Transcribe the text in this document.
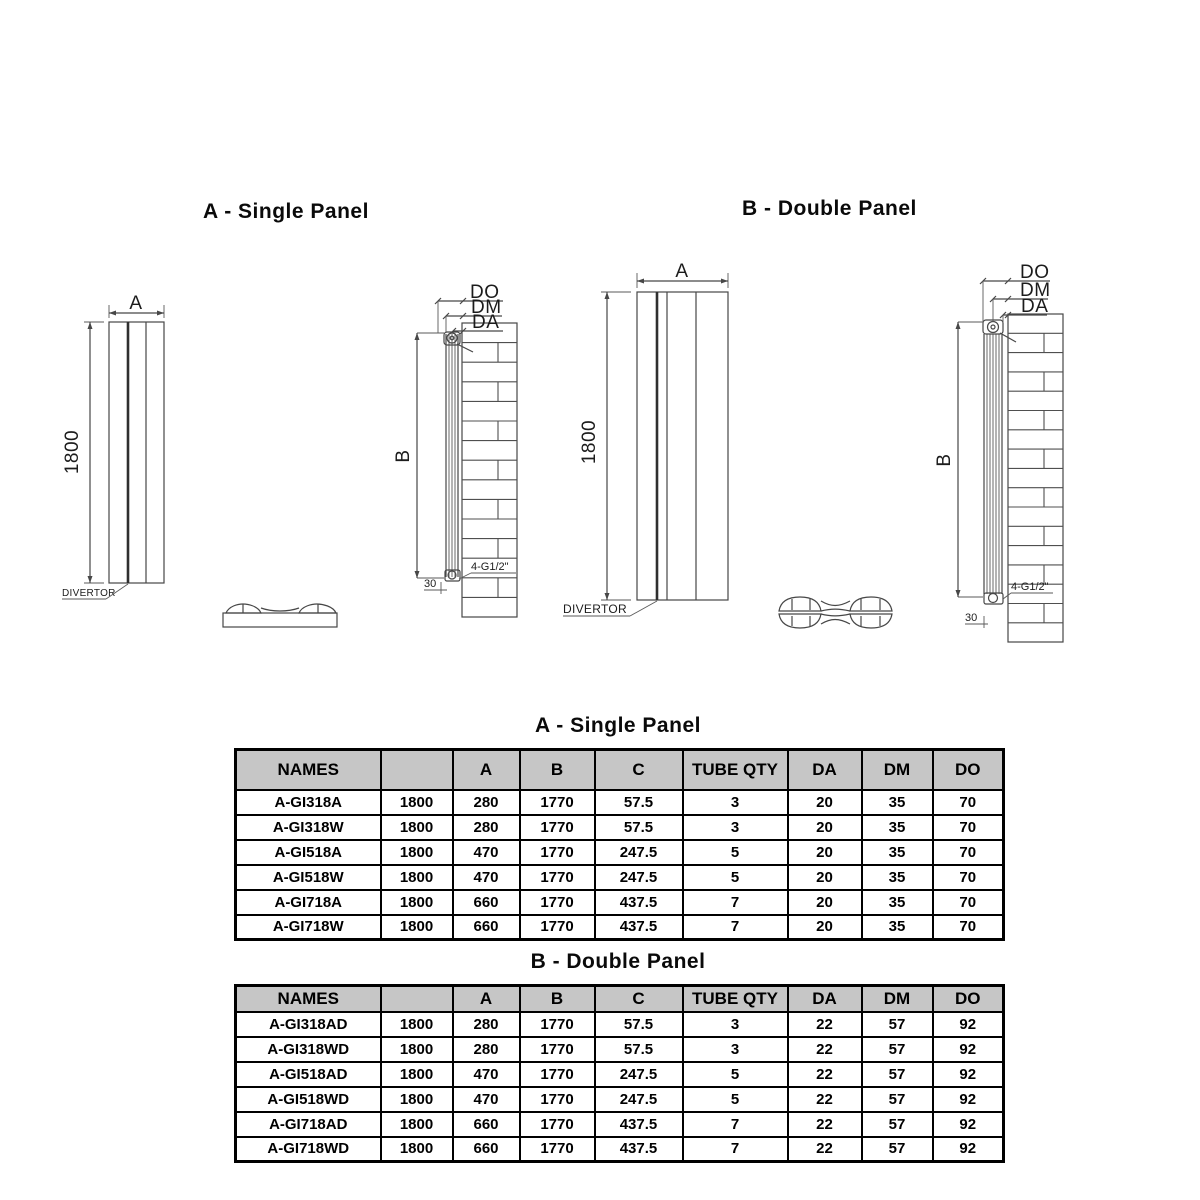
A - Single Panel	B - Double Panel
A
1800
DIVERTOR
DO
DM
DA
B
4-G1/2"
30
A
1800
DIVERTOR
DO
DM
DA
B
4-G1/2"
30
A - Single Panel
NAMES		A	B	C	TUBE QTY	DA	DM	DO
A-GI318A	1800	280	1770	57.5	3	20	35	70
A-GI318W	1800	280	1770	57.5	3	20	35	70
A-GI518A	1800	470	1770	247.5	5	20	35	70
A-GI518W	1800	470	1770	247.5	5	20	35	70
A-GI718A	1800	660	1770	437.5	7	20	35	70
A-GI718W	1800	660	1770	437.5	7	20	35	70
B - Double Panel
NAMES		A	B	C	TUBE QTY	DA	DM	DO
A-GI318AD	1800	280	1770	57.5	3	22	57	92
A-GI318WD	1800	280	1770	57.5	3	22	57	92
A-GI518AD	1800	470	1770	247.5	5	22	57	92
A-GI518WD	1800	470	1770	247.5	5	22	57	92
A-GI718AD	1800	660	1770	437.5	7	22	57	92
A-GI718WD	1800	660	1770	437.5	7	22	57	92
